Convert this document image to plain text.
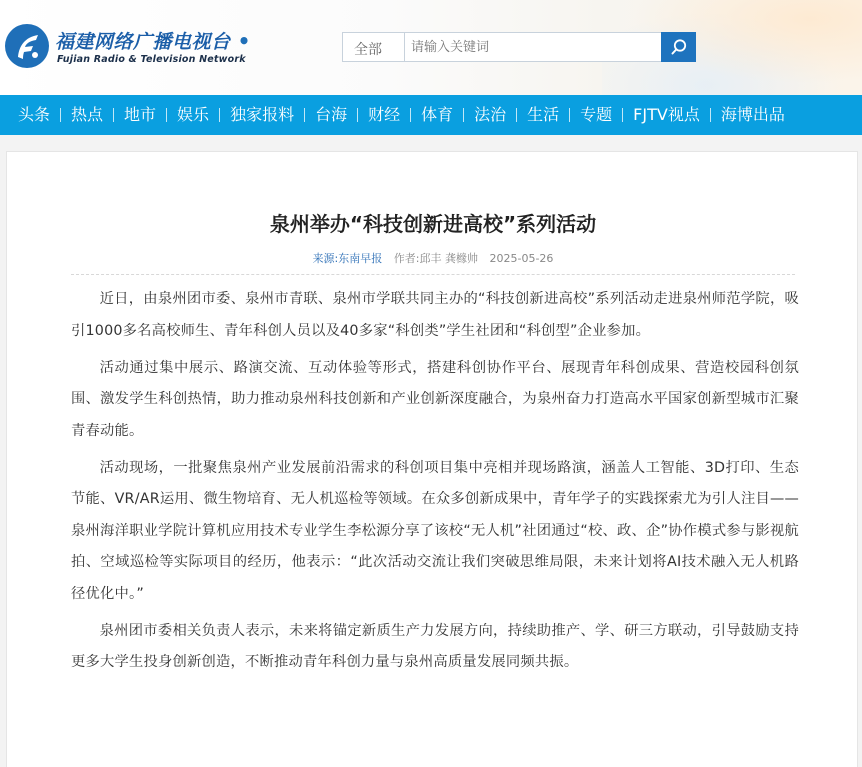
福建网络广播电视台 •
Fujian Radio & Television Network
全部
请输入关键词
头条	热点	地市	娱乐	独家报料	台海	财经	体育	法治	生活	专题	FJTV视点	海博出品
泉州举办“科技创新进高校”系列活动
来源:东南早报 作者:邱丰 龚橼帅 2025-05-26

近日，由泉州团市委、泉州市青联、泉州市学联共同主办的“科技创新进高校”系列活动走进泉州师范学院，吸引1000多名高校师生、青年科创人员以及40多家“科创类”学生社团和“科创型”企业参加。

活动通过集中展示、路演交流、互动体验等形式，搭建科创协作平台、展现青年科创成果、营造校园科创氛围、激发学生科创热情，助力推动泉州科技创新和产业创新深度融合，为泉州奋力打造高水平国家创新型城市汇聚青春动能。

活动现场，一批聚焦泉州产业发展前沿需求的科创项目集中亮相并现场路演，涵盖人工智能、3D打印、生态节能、VR/AR运用、微生物培育、无人机巡检等领域。在众多创新成果中，青年学子的实践探索尤为引人注目——泉州海洋职业学院计算机应用技术专业学生李松源分享了该校“无人机”社团通过“校、政、企”协作模式参与影视航拍、空域巡检等实际项目的经历，他表示：“此次活动交流让我们突破思维局限，未来计划将AI技术融入无人机路径优化中。”

泉州团市委相关负责人表示，未来将锚定新质生产力发展方向，持续助推产、学、研三方联动，引导鼓励支持更多大学生投身创新创造，不断推动青年科创力量与泉州高质量发展同频共振。
